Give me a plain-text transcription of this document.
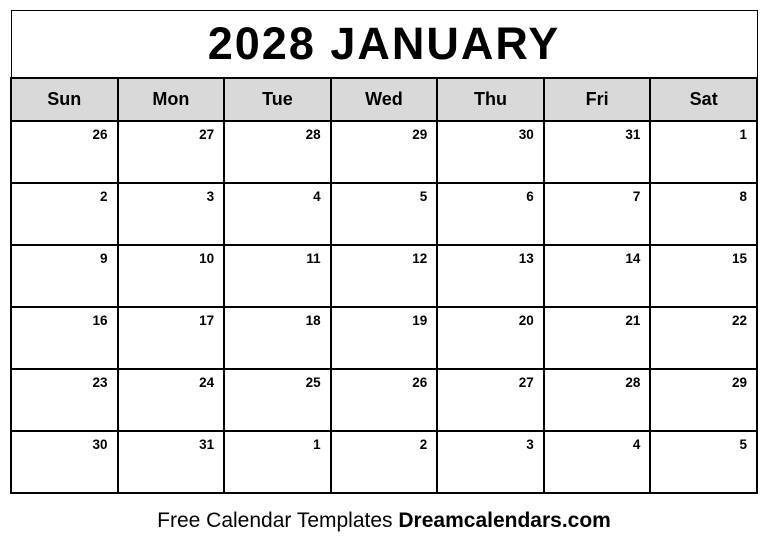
2028 JANUARY

Sun	Mon	Tue	Wed	Thu	Fri	Sat
26	27	28	29	30	31	1
2	3	4	5	6	7	8
9	10	11	12	13	14	15
16	17	18	19	20	21	22
23	24	25	26	27	28	29
30	31	1	2	3	4	5
Free Calendar Templates Dreamcalendars.com
